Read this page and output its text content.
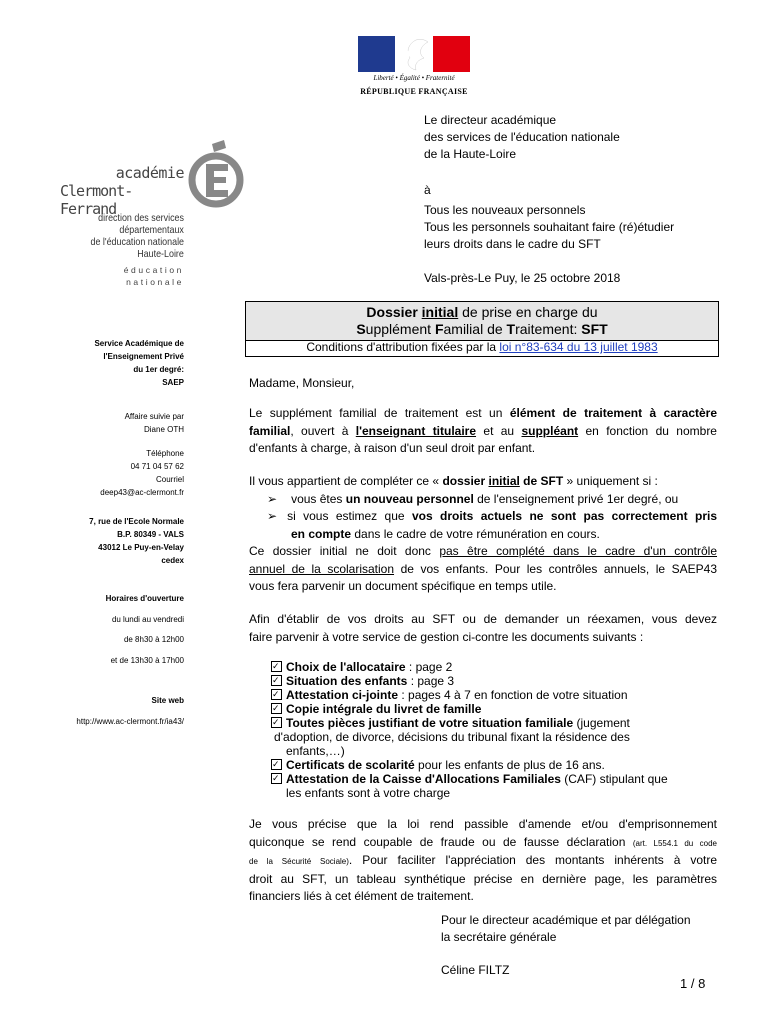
Liberté • Égalité • Fraternité
RÉPUBLIQUE FRANÇAISE
académie
Clermont-Ferrand
direction des services
départementaux
de l'éducation nationale
Haute-Loire
éducation
nationale
Le directeur académique
des services de l'éducation nationale
de la Haute-Loire
à
Tous les nouveaux personnels
Tous les personnels souhaitant faire (ré)étudier
leurs droits dans le cadre du SFT
Vals-près-Le Puy, le 25 octobre 2018
Service Académique de
l'Enseignement Privé
du 1er degré:
SAEP
Affaire suivie par
Diane OTH
Téléphone
04 71 04 57 62
Courriel
deep43@ac-clermont.fr
7, rue de l'Ecole Normale
B.P. 80349 - VALS
43012 Le Puy-en-Velay
cedex
Horaires d'ouverture
du lundi au vendredi
de 8h30 à 12h00
et de 13h30 à 17h00
Site web
http://www.ac-clermont.fr/ia43/
Dossier initial de prise en charge du
Supplément Familial de Traitement: SFT
Conditions d'attribution fixées par la loi n°83-634 du 13 juillet 1983
Madame, Monsieur,
Le supplément familial de traitement est un élément de traitement à caractère
familial, ouvert à l'enseignant titulaire et au suppléant en fonction du nombre
d'enfants à charge, à raison d'un seul droit par enfant.
Il vous appartient de compléter ce « dossier initial de SFT » uniquement si :
➢ vous êtes un nouveau personnel de l'enseignement privé 1er degré, ou
➢ si vous estimez que vos droits actuels ne sont pas correctement pris
en compte dans le cadre de votre rémunération en cours.
Ce dossier initial ne doit donc pas être complété dans le cadre d'un contrôle
annuel de la scolarisation de vos enfants. Pour les contrôles annuels, le SAEP43
vous fera parvenir un document spécifique en temps utile.
Afin d'établir de vos droits au SFT ou de demander un réexamen, vous devez
faire parvenir à votre service de gestion ci-contre les documents suivants :
✓Choix de l'allocataire : page 2
✓Situation des enfants : page 3
✓Attestation ci-jointe : pages 4 à 7 en fonction de votre situation
✓Copie intégrale du livret de famille
✓Toutes pièces justifiant de votre situation familiale (jugement
d'adoption, de divorce, décisions du tribunal fixant la résidence des
enfants,…)
✓Certificats de scolarité pour les enfants de plus de 16 ans.
✓Attestation de la Caisse d'Allocations Familiales (CAF) stipulant que
les enfants sont à votre charge
Je vous précise que la loi rend passible d'amende et/ou d'emprisonnement
quiconque se rend coupable de fraude ou de fausse déclaration (art. L554.1 du code
de la Sécurité Sociale). Pour faciliter l'appréciation des montants inhérents à votre
droit au SFT, un tableau synthétique précise en dernière page, les paramètres
financiers liés à cet élément de traitement.
Pour le directeur académique et par délégation
la secrétaire générale
Céline FILTZ
1 / 8
